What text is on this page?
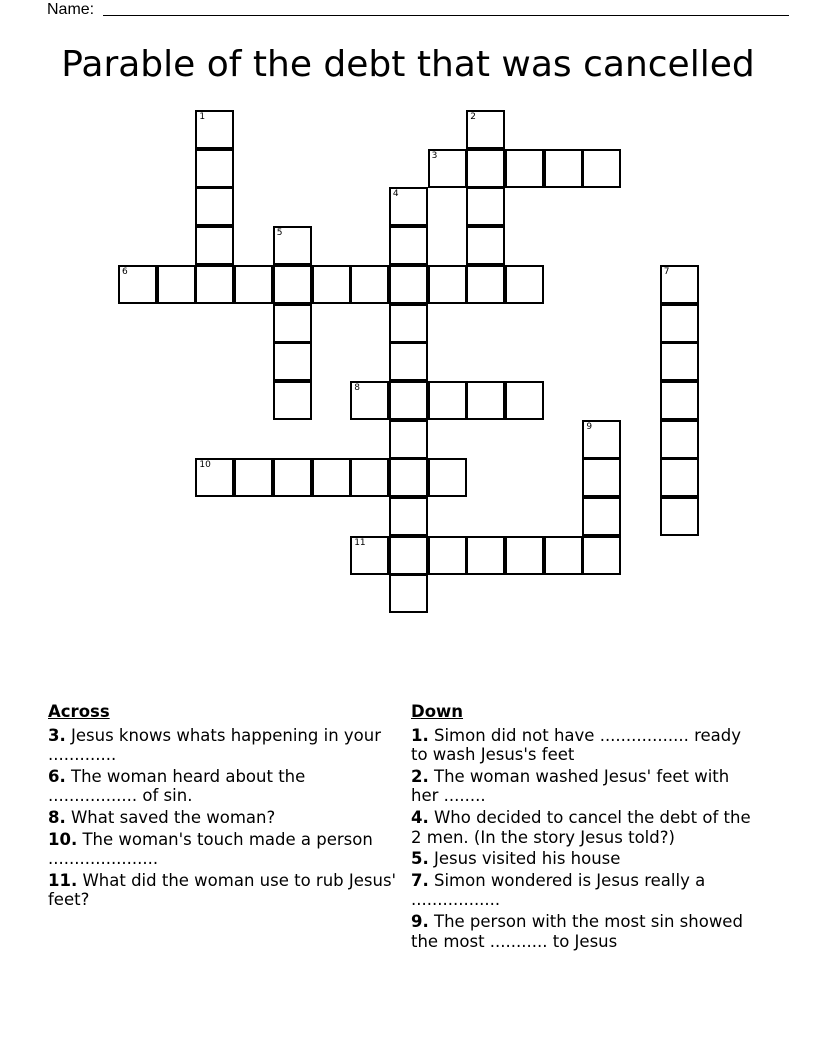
Name:
Parable of the debt that was cancelled
1	2
3
4
5
6	7
8
9
10
11
Across
3. Jesus knows whats happening in your .............
6. The woman heard about the ................. of sin.
8. What saved the woman?
10. The woman's touch made a person .....................
11. What did the woman use to rub Jesus' feet?
Down
1. Simon did not have ................. ready to wash Jesus's feet
2. The woman washed Jesus' feet with her ........
4. Who decided to cancel the debt of the 2 men. (In the story Jesus told?)
5. Jesus visited his house
7. Simon wondered is Jesus really a .................
9. The person with the most sin showed the most ........... to Jesus
